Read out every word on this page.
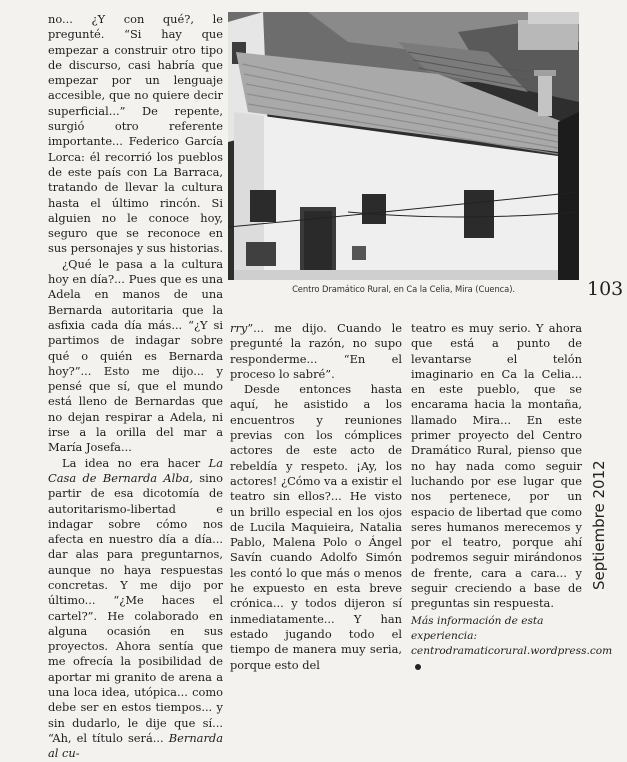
no... ¿Y con qué?, le pregunté. “Si hay que empezar a construir otro tipo de discurso, casi habría que empezar por un lenguaje accesible, que no quiere decir superficial...” De repente, surgió otro referente importante... Federico García Lorca: él recorrió los pueblos de este país con La Barraca, tratando de llevar la cultura hasta el último rincón. Si alguien no le conoce hoy, seguro que se reconoce en sus personajes y sus historias.

¿Qué le pasa a la cultura hoy en día?... Pues que es una Adela en manos de una Bernarda autoritaria que la asfixia cada día más... “¿Y si partimos de indagar sobre qué o quién es Bernarda hoy?”... Esto me dijo... y pensé que sí, que el mundo está lleno de Bernardas que no dejan respirar a Adela, ni irse a la orilla del mar a María Josefa...

La idea no era hacer La Casa de Bernarda Alba, sino partir de esa dicotomía de autoritarismo-libertad e indagar sobre cómo nos afecta en nuestro día a día... dar alas para preguntarnos, aunque no haya respuestas concretas. Y me dijo por último... “¿Me haces el cartel?”. He colaborado en alguna ocasión en sus proyectos. Ahora sentía que me ofrecía la posibilidad de aportar mi granito de arena a una loca idea, utópica... como debe ser en estos tiempos... y sin dudarlo, le dije que sí... “Ah, el título será... Bernarda al cu-

Centro Dramático Rural, en Ca la Celia, Mira (Cuenca).	103

rry”... me dijo. Cuando le pregunté la razón, no supo responderme... “En el proceso lo sabré”.

Desde entonces hasta aquí, he asistido a los encuentros y reuniones previas con los cómplices actores de este acto de rebeldía y respeto. ¡Ay, los actores! ¿Cómo va a existir el teatro sin ellos?... He visto un brillo especial en los ojos de Lucila Maquieira, Natalia Pablo, Malena Polo o Ángel Savín cuando Adolfo Simón les contó lo que más o menos he expuesto en esta breve crónica... y todos dijeron sí inmediatamente... Y han estado jugando todo el tiempo de manera muy seria, porque esto del

teatro es muy serio. Y ahora que está a punto de levantarse el telón imaginario en Ca la Celia... en este pueblo, que se encarama hacia la montaña, llamado Mira... En este primer proyecto del Centro Dramático Rural, pienso que no hay nada como seguir luchando por ese lugar que nos pertenece, por un espacio de libertad que como seres humanos merecemos y por el teatro, porque ahí podremos seguir mirándonos de frente, cara a cara... y seguir creciendo a base de preguntas sin respuesta.

Más información de esta experiencia:
centrodramaticorural.wordpress.com

Septiembre 2012
